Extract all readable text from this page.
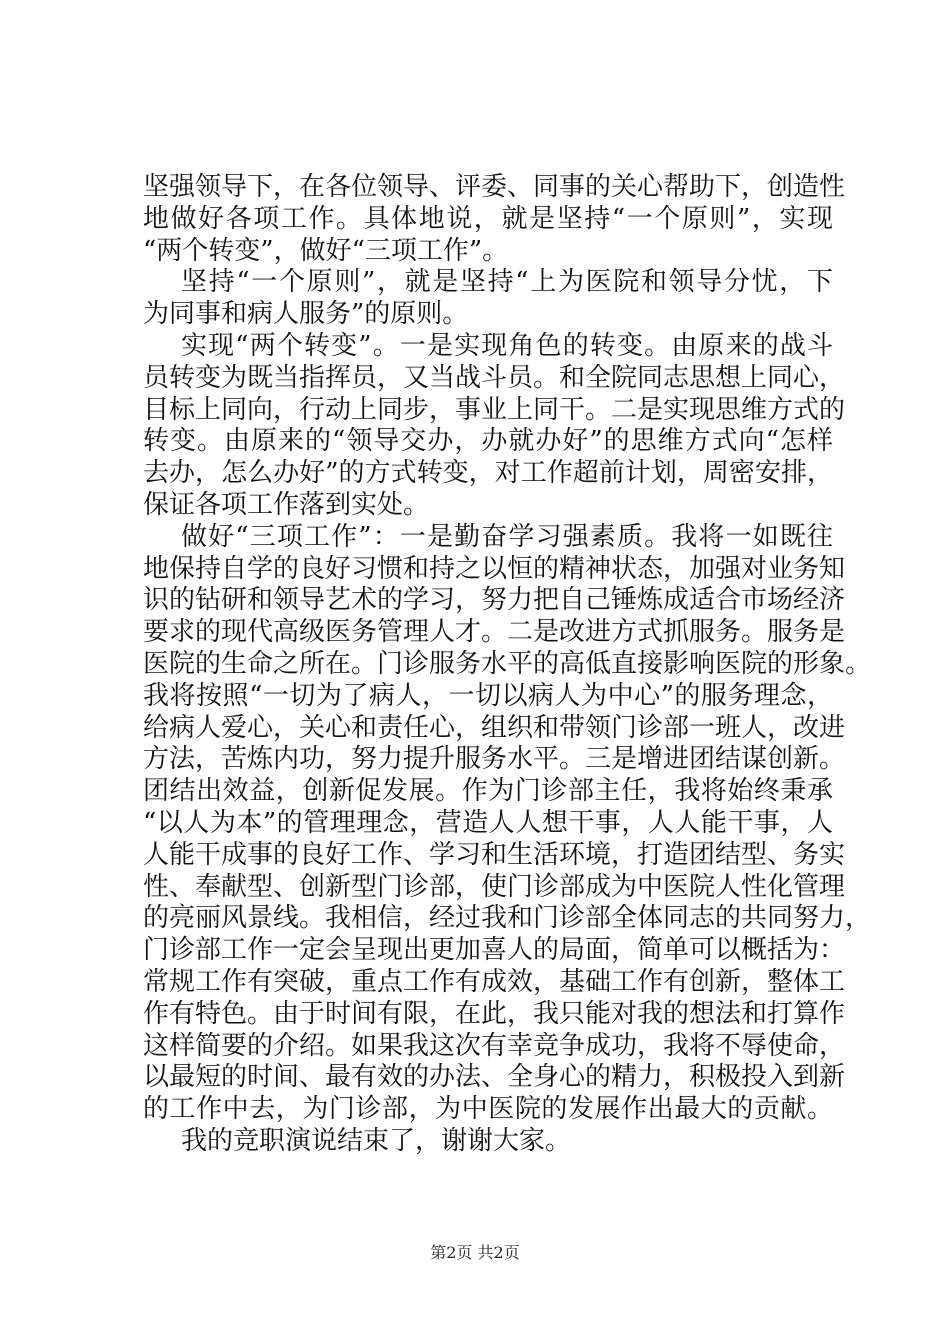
坚强领导下，在各位领导、评委、同事的关心帮助下，创造性
地做好各项工作。具体地说，就是坚持“一个原则”，实现
“两个转变”，做好“三项工作”。
坚持“一个原则”，就是坚持“上为医院和领导分忧，下
为同事和病人服务”的原则。
实现“两个转变”。一是实现角色的转变。由原来的战斗
员转变为既当指挥员，又当战斗员。和全院同志思想上同心，
目标上同向，行动上同步，事业上同干。二是实现思维方式的
转变。由原来的“领导交办，办就办好”的思维方式向“怎样
去办，怎么办好”的方式转变，对工作超前计划，周密安排，
保证各项工作落到实处。
做好“三项工作”：一是勤奋学习强素质。我将一如既往
地保持自学的良好习惯和持之以恒的精神状态，加强对业务知
识的钻研和领导艺术的学习，努力把自己锤炼成适合市场经济
要求的现代高级医务管理人才。二是改进方式抓服务。服务是
医院的生命之所在。门诊服务水平的高低直接影响医院的形象。
我将按照“一切为了病人，一切以病人为中心”的服务理念，
给病人爱心，关心和责任心，组织和带领门诊部一班人，改进
方法，苦炼内功，努力提升服务水平。三是增进团结谋创新。
团结出效益，创新促发展。作为门诊部主任，我将始终秉承
“以人为本”的管理理念，营造人人想干事，人人能干事，人
人能干成事的良好工作、学习和生活环境，打造团结型、务实
性、奉献型、创新型门诊部，使门诊部成为中医院人性化管理
的亮丽风景线。我相信，经过我和门诊部全体同志的共同努力，
门诊部工作一定会呈现出更加喜人的局面，简单可以概括为：
常规工作有突破，重点工作有成效，基础工作有创新，整体工
作有特色。由于时间有限，在此，我只能对我的想法和打算作
这样简要的介绍。如果我这次有幸竞争成功，我将不辱使命，
以最短的时间、最有效的办法、全身心的精力，积极投入到新
的工作中去，为门诊部，为中医院的发展作出最大的贡献。
我的竞职演说结束了，谢谢大家。
第2页 共2页
